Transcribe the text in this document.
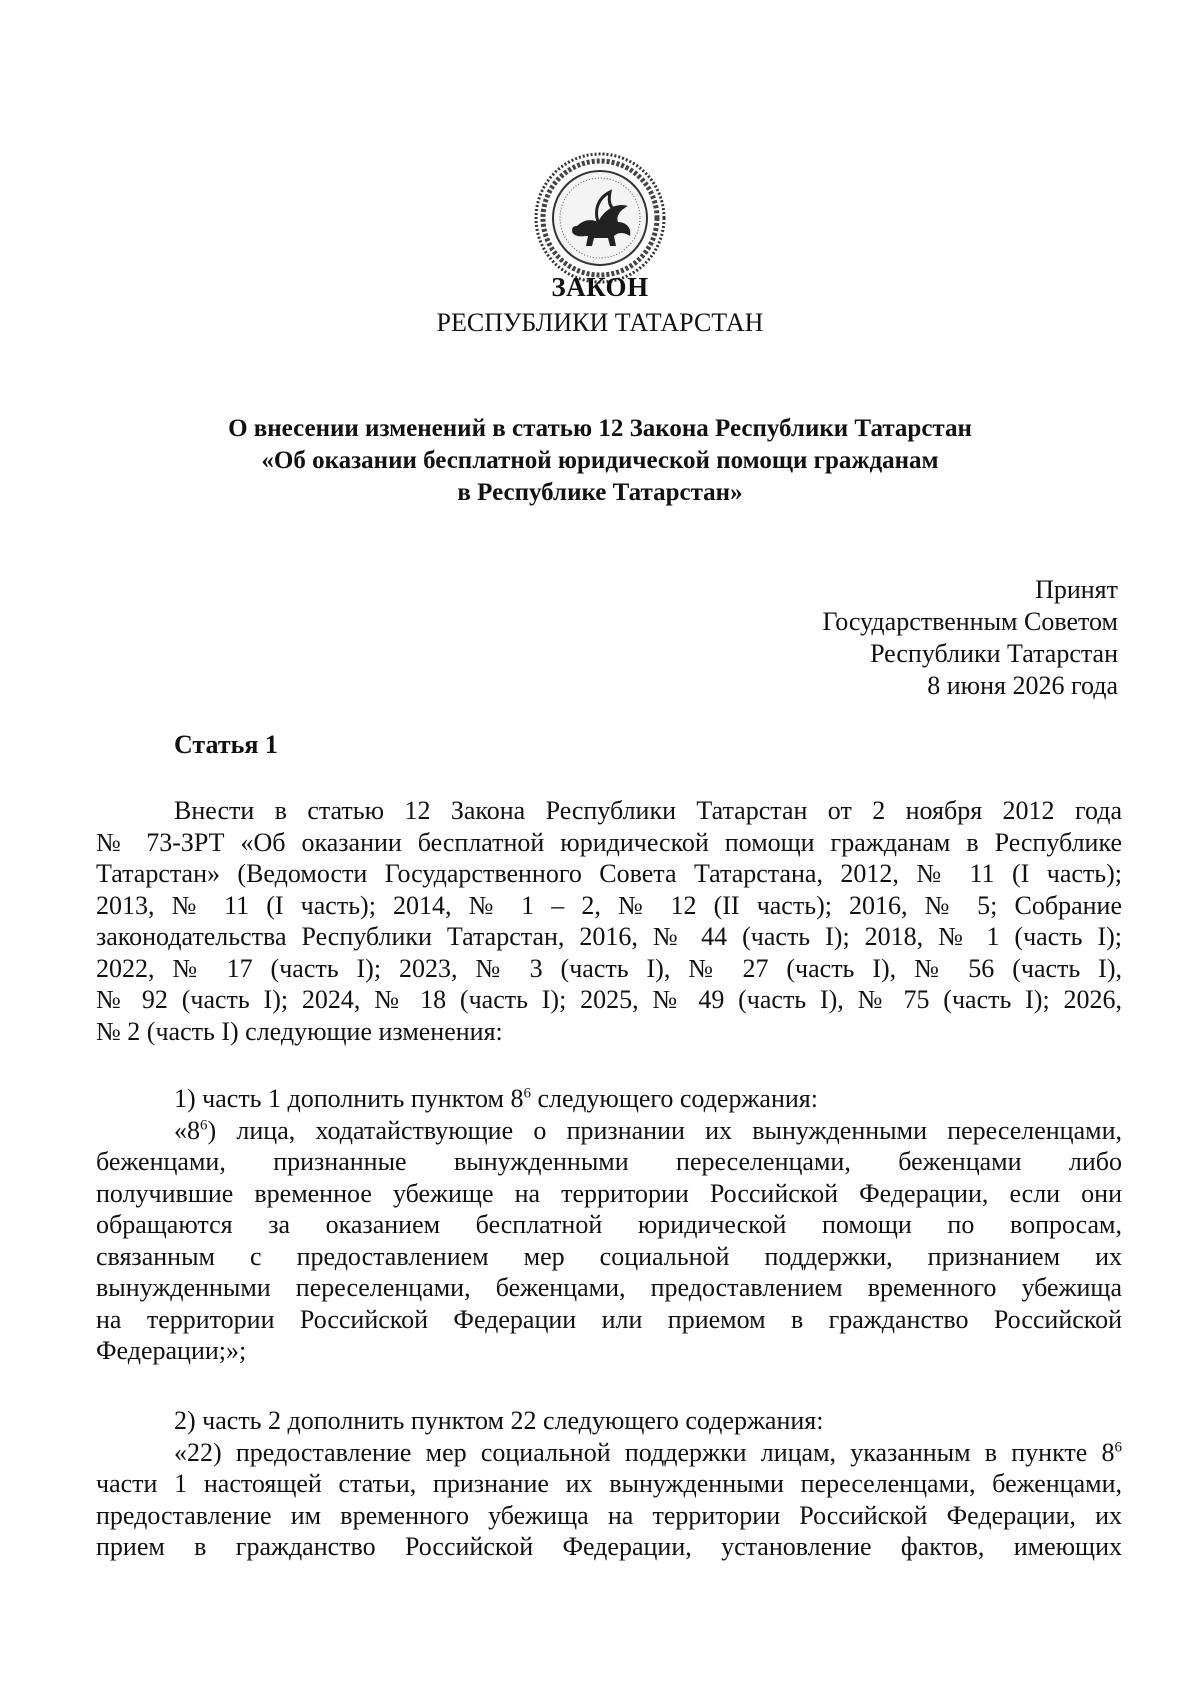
ЗАКОН
РЕСПУБЛИКИ ТАТАРСТАН
О внесении изменений в статью 12 Закона Республики Татарстан
«Об оказании бесплатной юридической помощи гражданам
в Республике Татарстан»
Принят
Государственным Советом
Республики Татарстан
8 июня 2026 года
Статья 1
Внести в статью 12 Закона Республики Татарстан от 2 ноября 2012 года
№ 73-ЗРТ «Об оказании бесплатной юридической помощи гражданам в Республике
Татарстан» (Ведомости Государственного Совета Татарстана, 2012, № 11 (I часть);
2013, № 11 (I часть); 2014, № 1 – 2, № 12 (II часть); 2016, № 5; Собрание
законодательства Республики Татарстан, 2016, № 44 (часть I); 2018, № 1 (часть I);
2022, № 17 (часть I); 2023, № 3 (часть I), № 27 (часть I), № 56 (часть I),
№ 92 (часть I); 2024, № 18 (часть I); 2025, № 49 (часть I), № 75 (часть I); 2026,
№ 2 (часть I) следующие изменения:
1) часть 1 дополнить пунктом $8^6$ следующего содержания:
«$8^6$) лица, ходатайствующие о признании их вынужденными переселенцами,
беженцами, признанные вынужденными переселенцами, беженцами либо
получившие временное убежище на территории Российской Федерации, если они
обращаются за оказанием бесплатной юридической помощи по вопросам,
связанным с предоставлением мер социальной поддержки, признанием их
вынужденными переселенцами, беженцами, предоставлением временного убежища
на территории Российской Федерации или приемом в гражданство Российской
Федерации;»;
2) часть 2 дополнить пунктом 22 следующего содержания:
«22) предоставление мер социальной поддержки лицам, указанным в пункте $8^6$
части 1 настоящей статьи, признание их вынужденными переселенцами, беженцами,
предоставление им временного убежища на территории Российской Федерации, их
прием в гражданство Российской Федерации, установление фактов, имеющих
